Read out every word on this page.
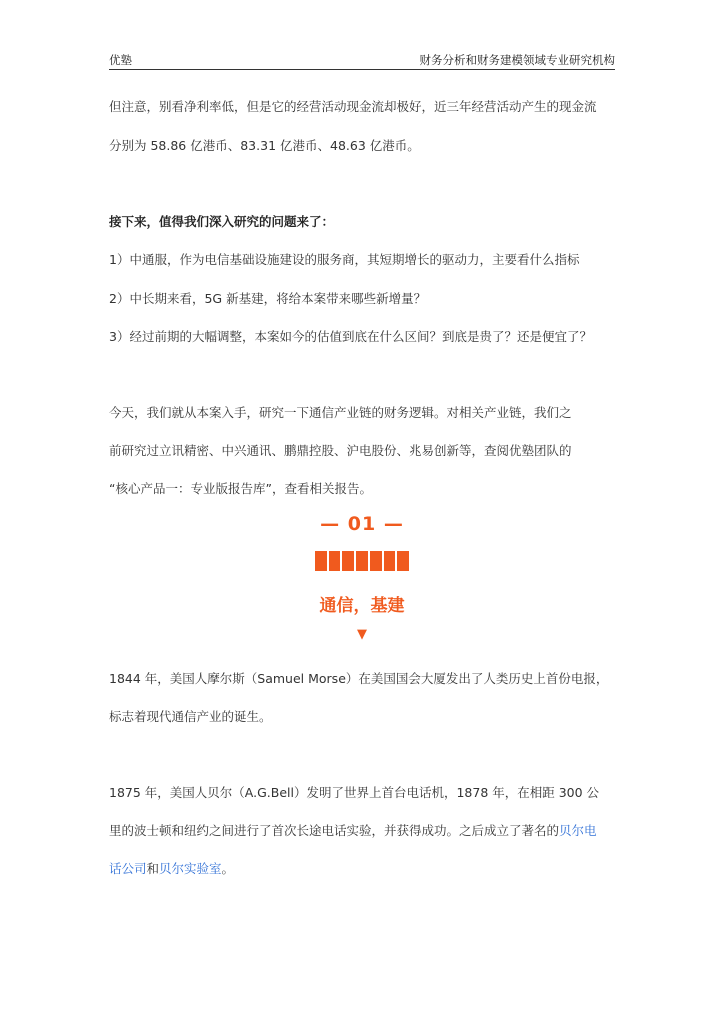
优塾	财务分析和财务建模领域专业研究机构
但注意，别看净利率低，但是它的经营活动现金流却极好，近三年经营活动产生的现金流
分别为 58.86 亿港币、83.31 亿港币、48.63 亿港币。
接下来，值得我们深入研究的问题来了：
1）中通服，作为电信基础设施建设的服务商，其短期增长的驱动力，主要看什么指标
2）中长期来看，5G 新基建，将给本案带来哪些新增量？
3）经过前期的大幅调整，本案如今的估值到底在什么区间？到底是贵了？还是便宜了？
今天，我们就从本案入手，研究一下通信产业链的财务逻辑。对相关产业链，我们之
前研究过立讯精密、中兴通讯、鹏鼎控股、沪电股份、兆易创新等，查阅优塾团队的
“核心产品一：专业版报告库”，查看相关报告。
— 01 —
通信，基建
▼
1844 年，美国人摩尔斯（Samuel Morse）在美国国会大厦发出了人类历史上首份电报，
标志着现代通信产业的诞生。
1875 年，美国人贝尔（A.G.Bell）发明了世界上首台电话机，1878 年，在相距 300 公
里的波士顿和纽约之间进行了首次长途电话实验，并获得成功。之后成立了著名的贝尔电
话公司和贝尔实验室。
